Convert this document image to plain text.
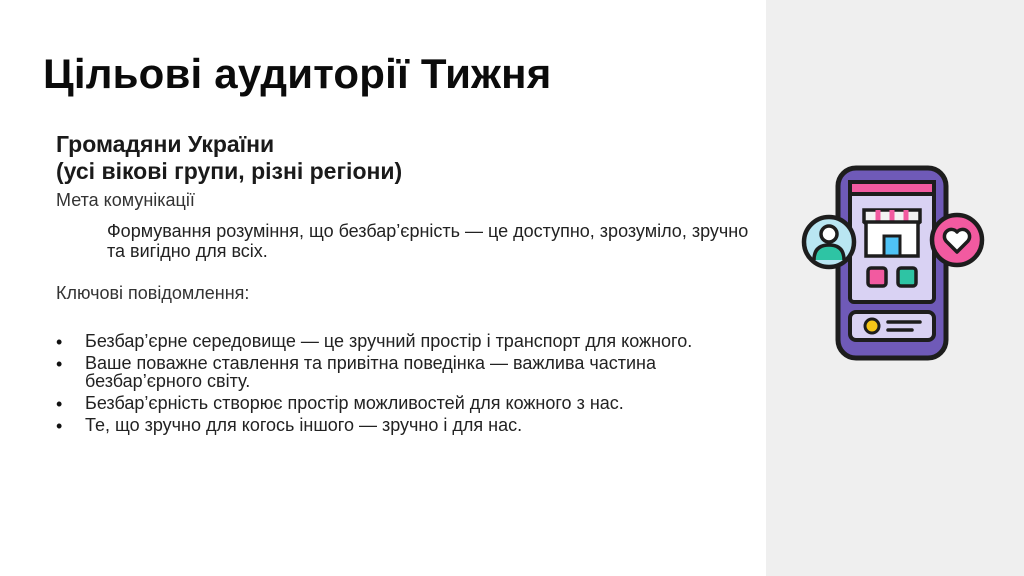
Цільові аудиторії Тижня
Громадяни України
(усі вікові групи, різні регіони)

Мета комунікації

Формування розуміння, що безбар’єрність — це доступно, зрозуміло, зручно та вигідно для всіх.

Ключові повідомлення:

• Безбар’єрне середовище — це зручний простір і транспорт для кожного.
• Ваше поважне ставлення та привітна поведінка — важлива частина безбар’єрного світу.
• Безбар’єрність створює простір можливостей для кожного з нас.
• Те, що зручно для когось іншого — зручно і для нас.
